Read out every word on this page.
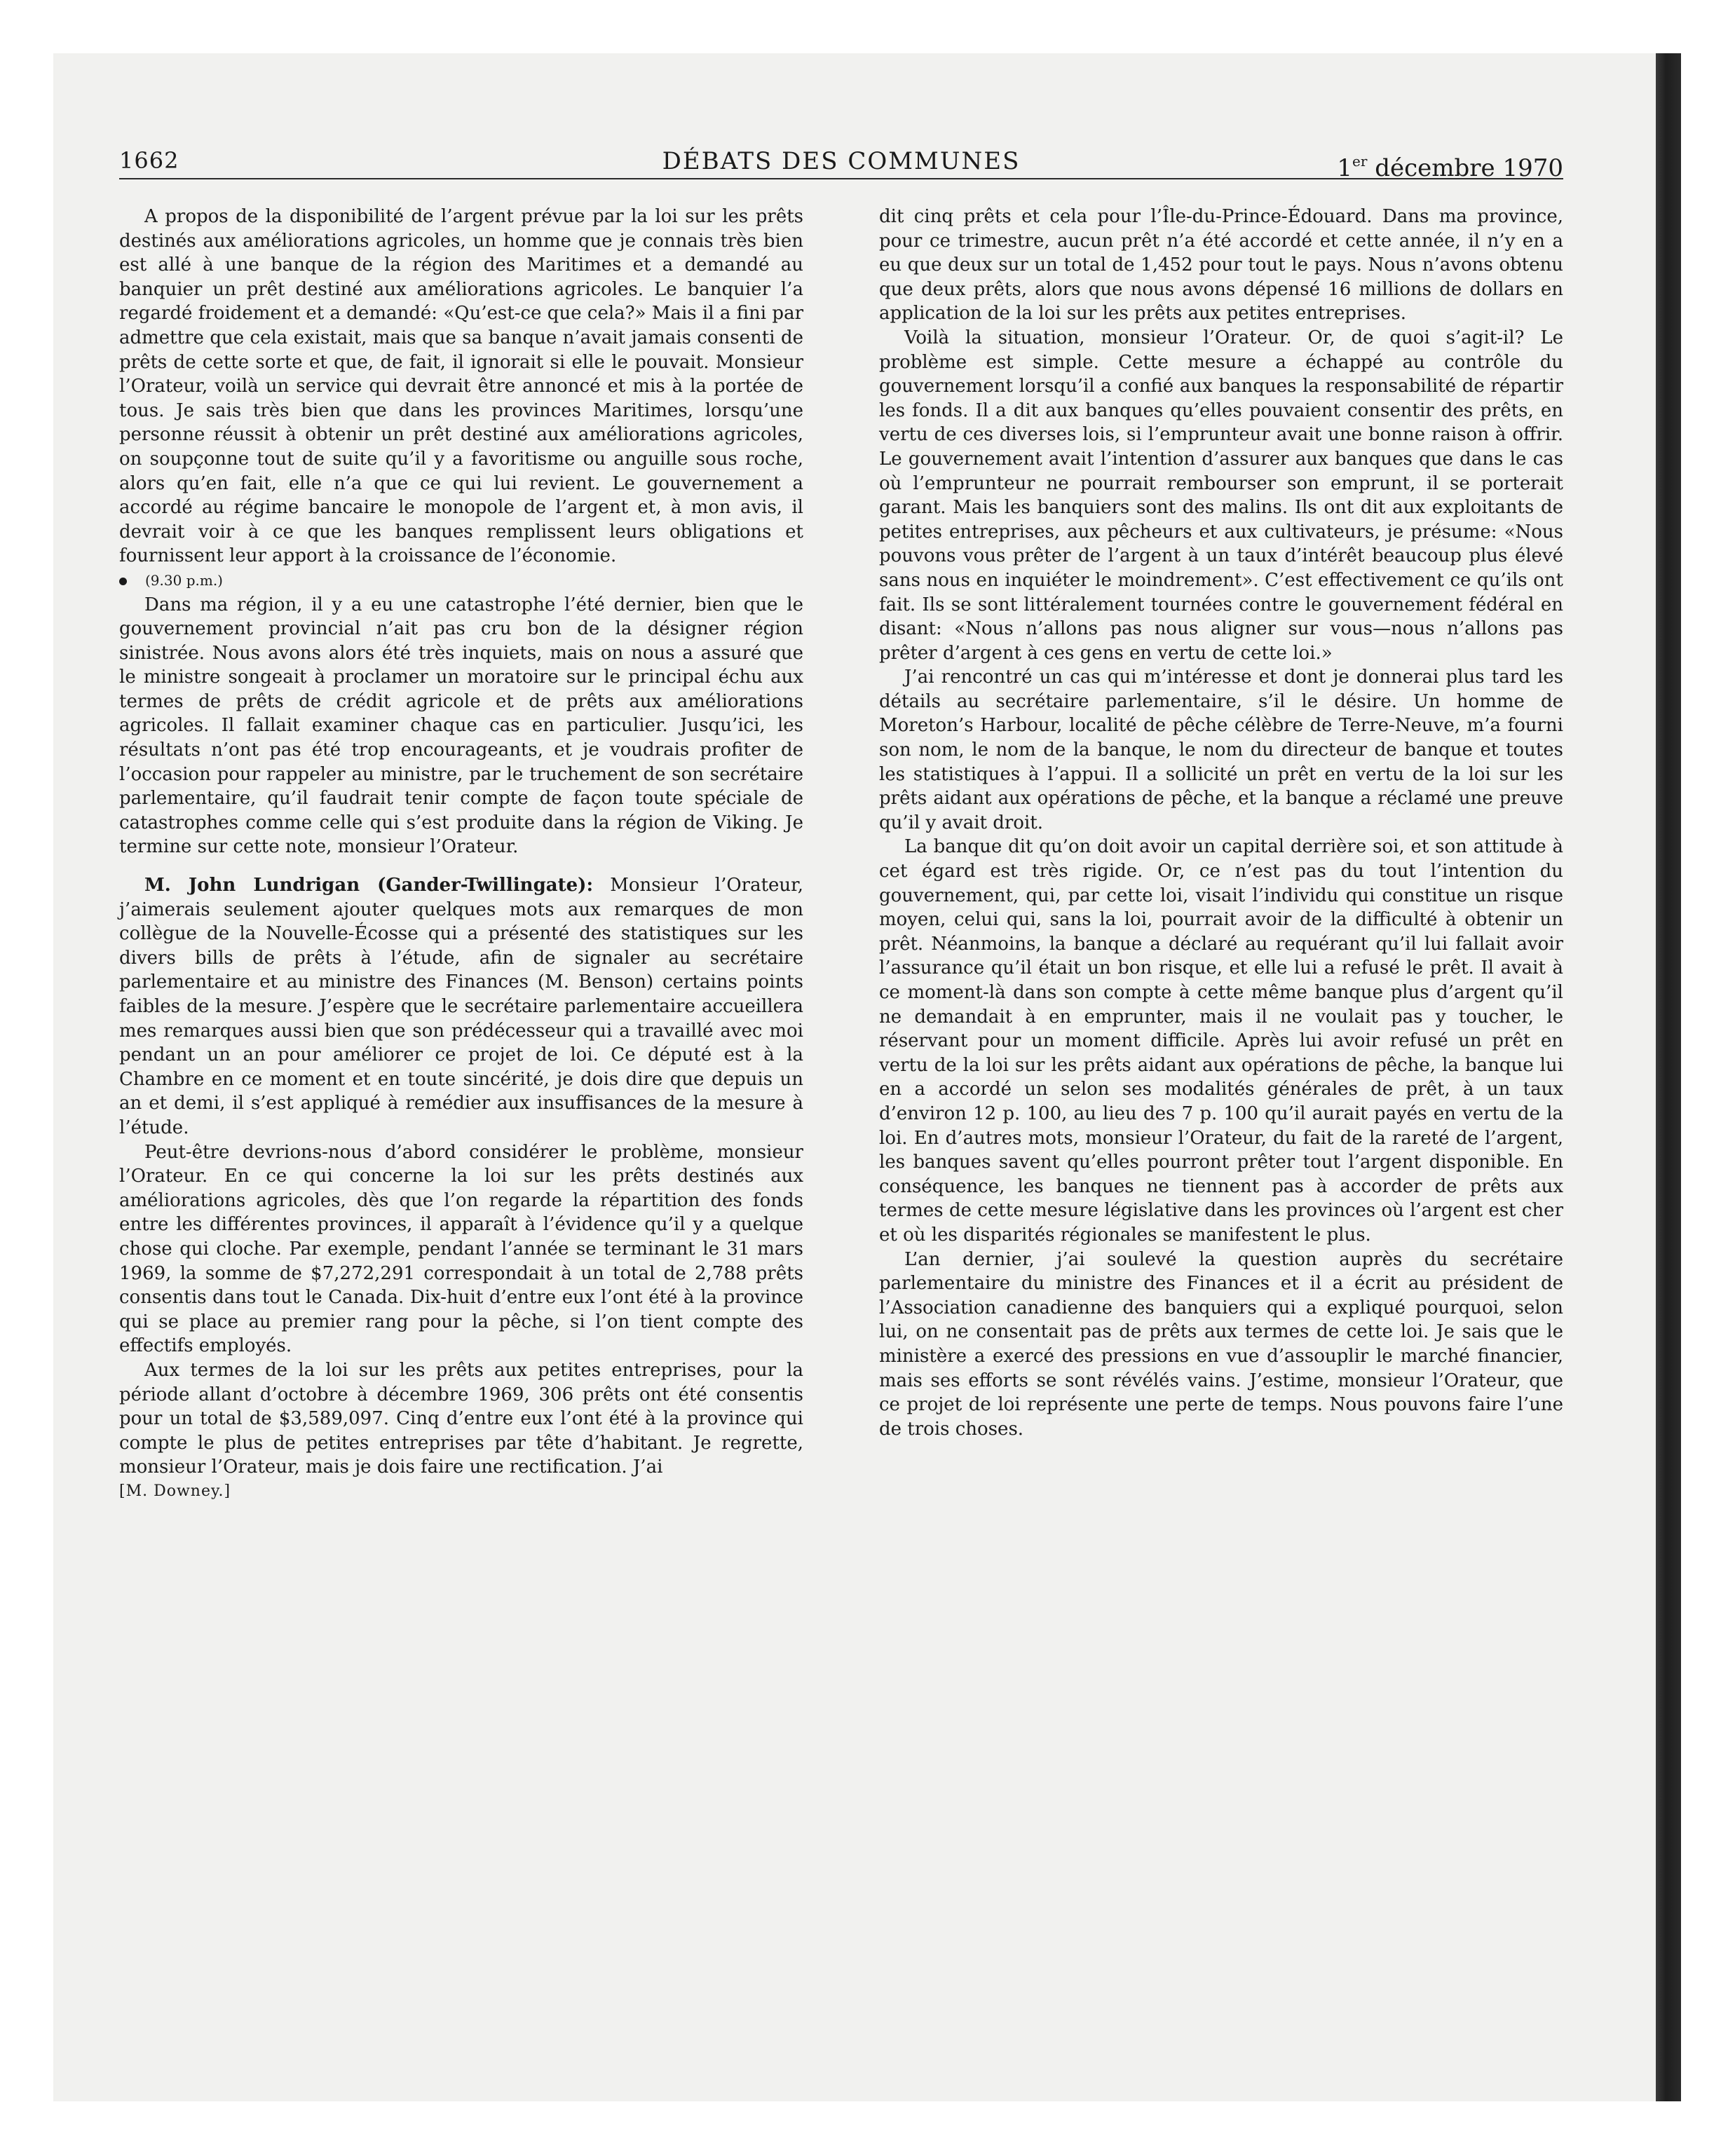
1662	DÉBATS DES COMMUNES	1er décembre 1970

A propos de la disponibilité de l’argent prévue par la loi sur les prêts destinés aux améliorations agricoles, un homme que je connais très bien est allé à une banque de la région des Maritimes et a demandé au banquier un prêt destiné aux améliorations agricoles. Le banquier l’a regardé froidement et a demandé: «Qu’est-ce que cela?» Mais il a fini par admettre que cela existait, mais que sa banque n’avait jamais consenti de prêts de cette sorte et que, de fait, il ignorait si elle le pouvait. Monsieur l’Orateur, voilà un service qui devrait être annoncé et mis à la portée de tous. Je sais très bien que dans les provinces Maritimes, lorsqu’une personne réussit à obtenir un prêt destiné aux améliorations agricoles, on soupçonne tout de suite qu’il y a favoritisme ou anguille sous roche, alors qu’en fait, elle n’a que ce qui lui revient. Le gouvernement a accordé au régime bancaire le monopole de l’argent et, à mon avis, il devrait voir à ce que les banques remplissent leurs obligations et fournissent leur apport à la croissance de l’économie.

(9.30 p.m.)

Dans ma région, il y a eu une catastrophe l’été dernier, bien que le gouvernement provincial n’ait pas cru bon de la désigner région sinistrée. Nous avons alors été très inquiets, mais on nous a assuré que le ministre songeait à proclamer un moratoire sur le principal échu aux termes de prêts de crédit agricole et de prêts aux améliorations agricoles. Il fallait examiner chaque cas en particulier. Jusqu’ici, les résultats n’ont pas été trop encourageants, et je voudrais profiter de l’occasion pour rappeler au ministre, par le truchement de son secrétaire parlementaire, qu’il faudrait tenir compte de façon toute spéciale de catastrophes comme celle qui s’est produite dans la région de Viking. Je termine sur cette note, monsieur l’Orateur.

M. John Lundrigan (Gander-Twillingate): Monsieur l’Orateur, j’aimerais seulement ajouter quelques mots aux remarques de mon collègue de la Nouvelle-Écosse qui a présenté des statistiques sur les divers bills de prêts à l’étude, afin de signaler au secrétaire parlementaire et au ministre des Finances (M. Benson) certains points faibles de la mesure. J’espère que le secrétaire parlementaire accueillera mes remarques aussi bien que son prédécesseur qui a travaillé avec moi pendant un an pour améliorer ce projet de loi. Ce député est à la Chambre en ce moment et en toute sincérité, je dois dire que depuis un an et demi, il s’est appliqué à remédier aux insuffisances de la mesure à l’étude.

Peut-être devrions-nous d’abord considérer le problème, monsieur l’Orateur. En ce qui concerne la loi sur les prêts destinés aux améliorations agricoles, dès que l’on regarde la répartition des fonds entre les différentes provinces, il apparaît à l’évidence qu’il y a quelque chose qui cloche. Par exemple, pendant l’année se terminant le 31 mars 1969, la somme de $7,272,291 correspondait à un total de 2,788 prêts consentis dans tout le Canada. Dix-huit d’entre eux l’ont été à la province qui se place au premier rang pour la pêche, si l’on tient compte des effectifs employés.

Aux termes de la loi sur les prêts aux petites entreprises, pour la période allant d’octobre à décembre 1969, 306 prêts ont été consentis pour un total de $3,589,097. Cinq d’entre eux l’ont été à la province qui compte le plus de petites entreprises par tête d’habitant. Je regrette, monsieur l’Orateur, mais je dois faire une rectification. J’ai

[M. Downey.]

dit cinq prêts et cela pour l’Île-du-Prince-Édouard. Dans ma province, pour ce trimestre, aucun prêt n’a été accordé et cette année, il n’y en a eu que deux sur un total de 1,452 pour tout le pays. Nous n’avons obtenu que deux prêts, alors que nous avons dépensé 16 millions de dollars en application de la loi sur les prêts aux petites entreprises.

Voilà la situation, monsieur l’Orateur. Or, de quoi s’agit-il? Le problème est simple. Cette mesure a échappé au contrôle du gouvernement lorsqu’il a confié aux banques la responsabilité de répartir les fonds. Il a dit aux banques qu’elles pouvaient consentir des prêts, en vertu de ces diverses lois, si l’emprunteur avait une bonne raison à offrir. Le gouvernement avait l’intention d’assurer aux banques que dans le cas où l’emprunteur ne pourrait rembourser son emprunt, il se porterait garant. Mais les banquiers sont des malins. Ils ont dit aux exploitants de petites entreprises, aux pêcheurs et aux cultivateurs, je présume: «Nous pouvons vous prêter de l’argent à un taux d’intérêt beaucoup plus élevé sans nous en inquiéter le moindrement». C’est effectivement ce qu’ils ont fait. Ils se sont littéralement tournées contre le gouvernement fédéral en disant: «Nous n’allons pas nous aligner sur vous—nous n’allons pas prêter d’argent à ces gens en vertu de cette loi.»

J’ai rencontré un cas qui m’intéresse et dont je donnerai plus tard les détails au secrétaire parlementaire, s’il le désire. Un homme de Moreton’s Harbour, localité de pêche célèbre de Terre-Neuve, m’a fourni son nom, le nom de la banque, le nom du directeur de banque et toutes les statistiques à l’appui. Il a sollicité un prêt en vertu de la loi sur les prêts aidant aux opérations de pêche, et la banque a réclamé une preuve qu’il y avait droit.

La banque dit qu’on doit avoir un capital derrière soi, et son attitude à cet égard est très rigide. Or, ce n’est pas du tout l’intention du gouvernement, qui, par cette loi, visait l’individu qui constitue un risque moyen, celui qui, sans la loi, pourrait avoir de la difficulté à obtenir un prêt. Néanmoins, la banque a déclaré au requérant qu’il lui fallait avoir l’assurance qu’il était un bon risque, et elle lui a refusé le prêt. Il avait à ce moment-là dans son compte à cette même banque plus d’argent qu’il ne demandait à en emprunter, mais il ne voulait pas y toucher, le réservant pour un moment difficile. Après lui avoir refusé un prêt en vertu de la loi sur les prêts aidant aux opérations de pêche, la banque lui en a accordé un selon ses modalités générales de prêt, à un taux d’environ 12 p. 100, au lieu des 7 p. 100 qu’il aurait payés en vertu de la loi. En d’autres mots, monsieur l’Orateur, du fait de la rareté de l’argent, les banques savent qu’elles pourront prêter tout l’argent disponible. En conséquence, les banques ne tiennent pas à accorder de prêts aux termes de cette mesure législative dans les provinces où l’argent est cher et où les disparités régionales se manifestent le plus.

L’an dernier, j’ai soulevé la question auprès du secrétaire parlementaire du ministre des Finances et il a écrit au président de l’Association canadienne des banquiers qui a expliqué pourquoi, selon lui, on ne consentait pas de prêts aux termes de cette loi. Je sais que le ministère a exercé des pressions en vue d’assouplir le marché financier, mais ses efforts se sont révélés vains. J’estime, monsieur l’Orateur, que ce projet de loi représente une perte de temps. Nous pouvons faire l’une de trois choses.
